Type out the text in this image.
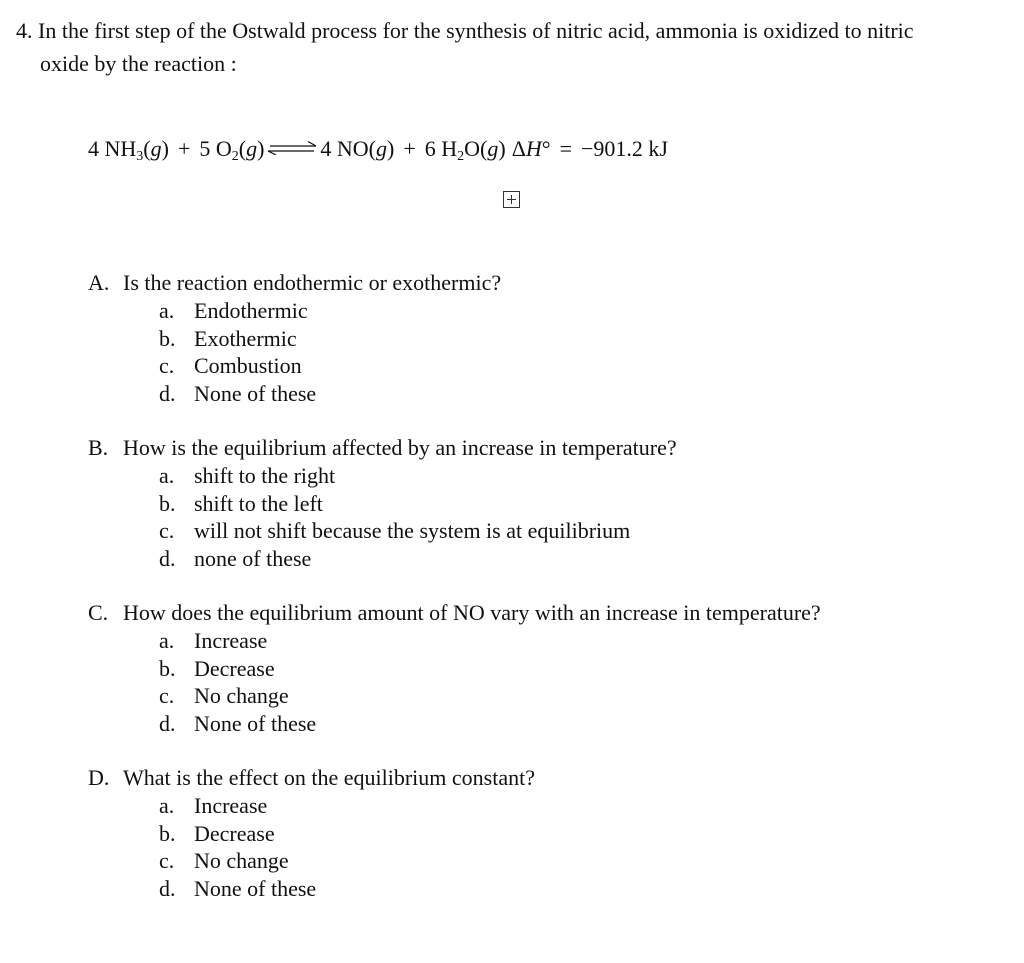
4. In the first step of the Ostwald process for the synthesis of nitric acid, ammonia is oxidized to nitric
oxide by the reaction :
4 $NH_3(g) + 5$ $O_2(g)$ ⇌ 4 NO(g) + 6 $H_2O(g) \Delta H^\circ = -901.2$ kJ
A. Is the reaction endothermic or exothermic?
a. Endothermic
b. Exothermic
c. Combustion
d. None of these
B. How is the equilibrium affected by an increase in temperature?
a. shift to the right
b. shift to the left
c. will not shift because the system is at equilibrium
d. none of these
C. How does the equilibrium amount of NO vary with an increase in temperature?
a. Increase
b. Decrease
c. No change
d. None of these
D. What is the effect on the equilibrium constant?
a. Increase
b. Decrease
c. No change
d. None of these
